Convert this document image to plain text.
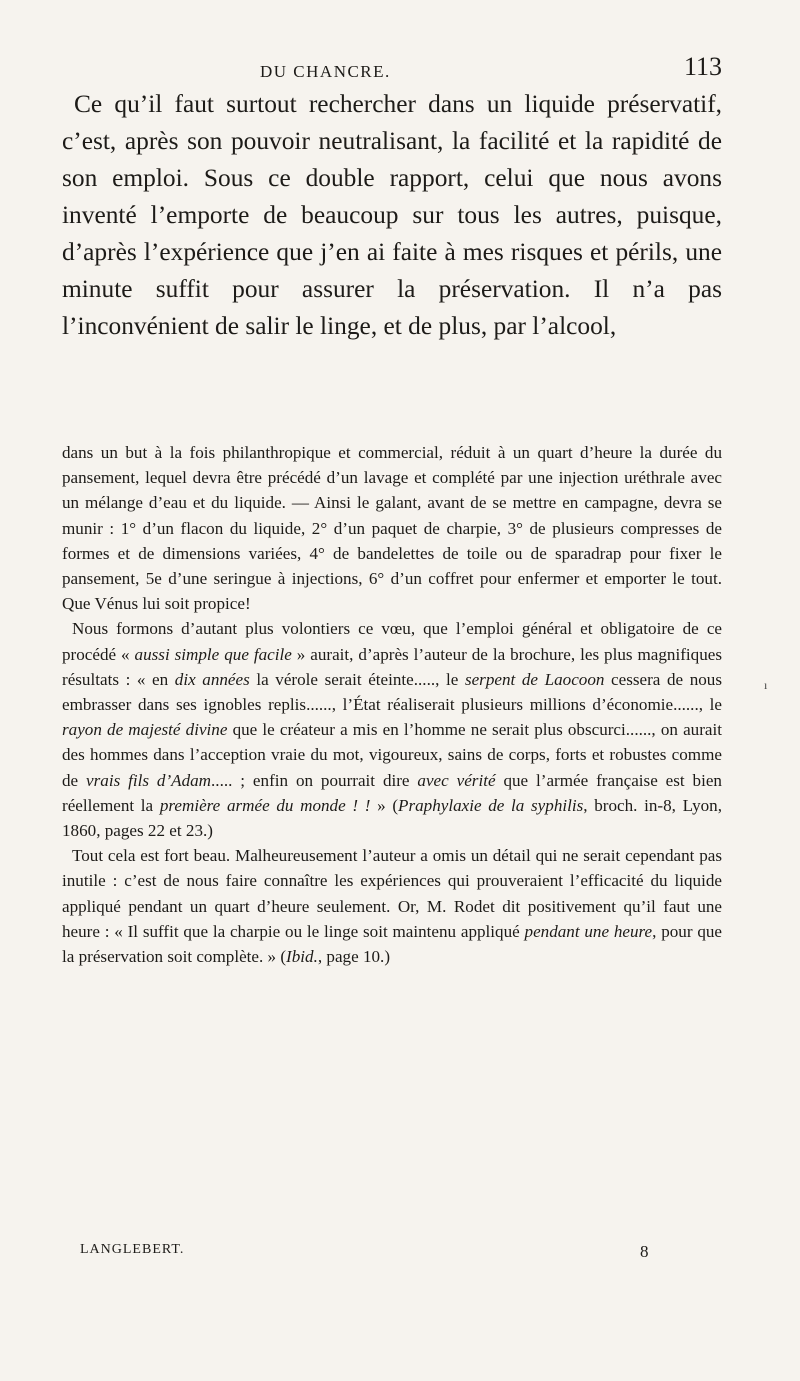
DU CHANCRE.	113

Ce qu’il faut surtout rechercher dans un liquide préservatif, c’est, après son pouvoir neutralisant, la facilité et la rapidité de son emploi. Sous ce double rapport, celui que nous avons inventé l’emporte de beaucoup sur tous les autres, puisque, d’après l’expérience que j’en ai faite à mes risques et périls, une minute suffit pour assurer la préservation. Il n’a pas l’inconvénient de salir le linge, et de plus, par l’alcool,

dans un but à la fois philanthropique et commercial, réduit à un quart d’heure la durée du pansement, lequel devra être précédé d’un lavage et complété par une injection uréthrale avec un mélange d’eau et du liquide. — Ainsi le galant, avant de se mettre en campagne, devra se munir : 1° d’un flacon du liquide, 2° d’un paquet de charpie, 3° de plusieurs compresses de formes et de dimensions variées, 4° de bandelettes de toile ou de sparadrap pour fixer le pansement, 5e d’une seringue à injections, 6° d’un coffret pour enfermer et emporter le tout. Que Vénus lui soit propice!

Nous formons d’autant plus volontiers ce vœu, que l’emploi général et obligatoire de ce procédé « aussi simple que facile » aurait, d’après l’auteur de la brochure, les plus magnifiques résultats : « en dix années la vérole serait éteinte....., le serpent de Laocoon cessera de nous embrasser dans ses ignobles replis......, l’État réaliserait plusieurs millions d’économie......, le rayon de majesté divine que le créateur a mis en l’homme ne serait plus obscurci......, on aurait des hommes dans l’acception vraie du mot, vigoureux, sains de corps, forts et robustes comme de vrais fils d’Adam..... ; enfin on pourrait dire avec vérité que l’armée française est bien réellement la première armée du monde ! ! » (Praphylaxie de la syphilis, broch. in-8, Lyon, 1860, pages 22 et 23.)

Tout cela est fort beau. Malheureusement l’auteur a omis un détail qui ne serait cependant pas inutile : c’est de nous faire connaître les expériences qui prouveraient l’efficacité du liquide appliqué pendant un quart d’heure seulement. Or, M. Rodet dit positivement qu’il faut une heure : « Il suffit que la charpie ou le linge soit maintenu appliqué pendant une heure, pour que la préservation soit complète. » (Ibid., page 10.)

LANGLEBERT.	8
ı
